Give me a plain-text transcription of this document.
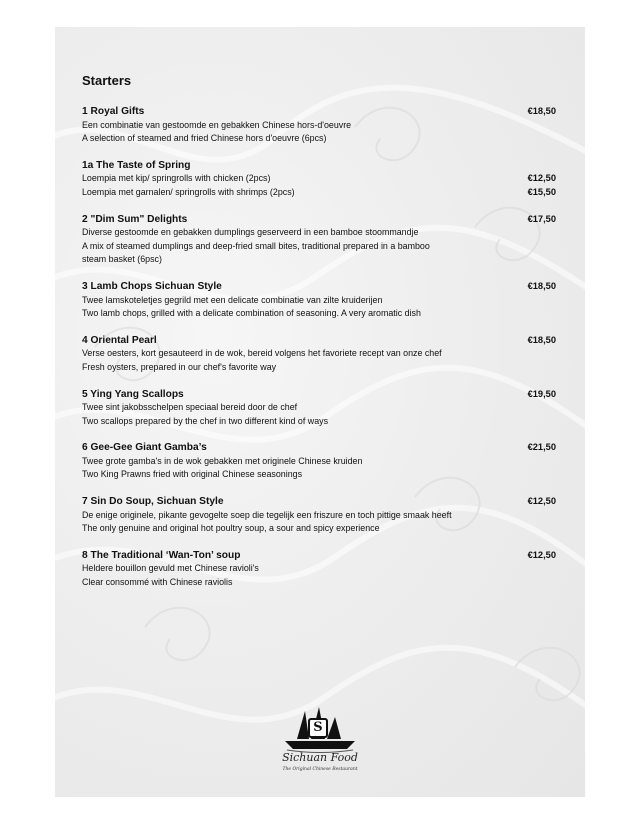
Starters
1 Royal Gifts
Een combinatie van gestoomde en gebakken Chinese hors-d'oeuvre
A selection of steamed and fried Chinese hors d'oeuvre (6pcs)
€18,50
1a The Taste of Spring
Loempia met kip/ springrolls with chicken (2pcs)
Loempia met garnalen/ springrolls with shrimps (2pcs)
€12,50
€15,50
2 "Dim Sum" Delights
Diverse gestoomde en gebakken dumplings geserveerd in een bamboe stoommandje
A mix of steamed dumplings and deep-fried small bites, traditional prepared in a bamboo steam basket (6psc)
€17,50
3 Lamb Chops Sichuan Style
Twee lamskoteletjes gegrild met een delicate combinatie van zilte kruiderijen
Two lamb chops, grilled with a delicate combination of seasoning. A very aromatic dish
€18,50
4 Oriental Pearl
Verse oesters, kort gesauteerd in de wok, bereid volgens het favoriete recept van onze chef
Fresh oysters, prepared in our chef's favorite way
€18,50
5 Ying Yang Scallops
Twee sint jakobsschelpen speciaal bereid door de chef
Two scallops prepared by the chef in two different kind of ways
€19,50
6 Gee-Gee Giant Gamba’s
Twee grote gamba's in de wok gebakken met originele Chinese kruiden
Two King Prawns fried with original Chinese seasonings
€21,50
7 Sin Do Soup, Sichuan Style
De enige originele, pikante gevogelte soep die tegelijk een friszure en toch pittige smaak heeft
The only genuine and original hot poultry soup, a sour and spicy experience
€12,50
8 The Traditional ‘Wan-Ton’ soup
Heldere bouillon gevuld met Chinese ravioli's
Clear consommé with Chinese raviolis
€12,50
S
Sichuan Food
The Original Chinese Restaurant
